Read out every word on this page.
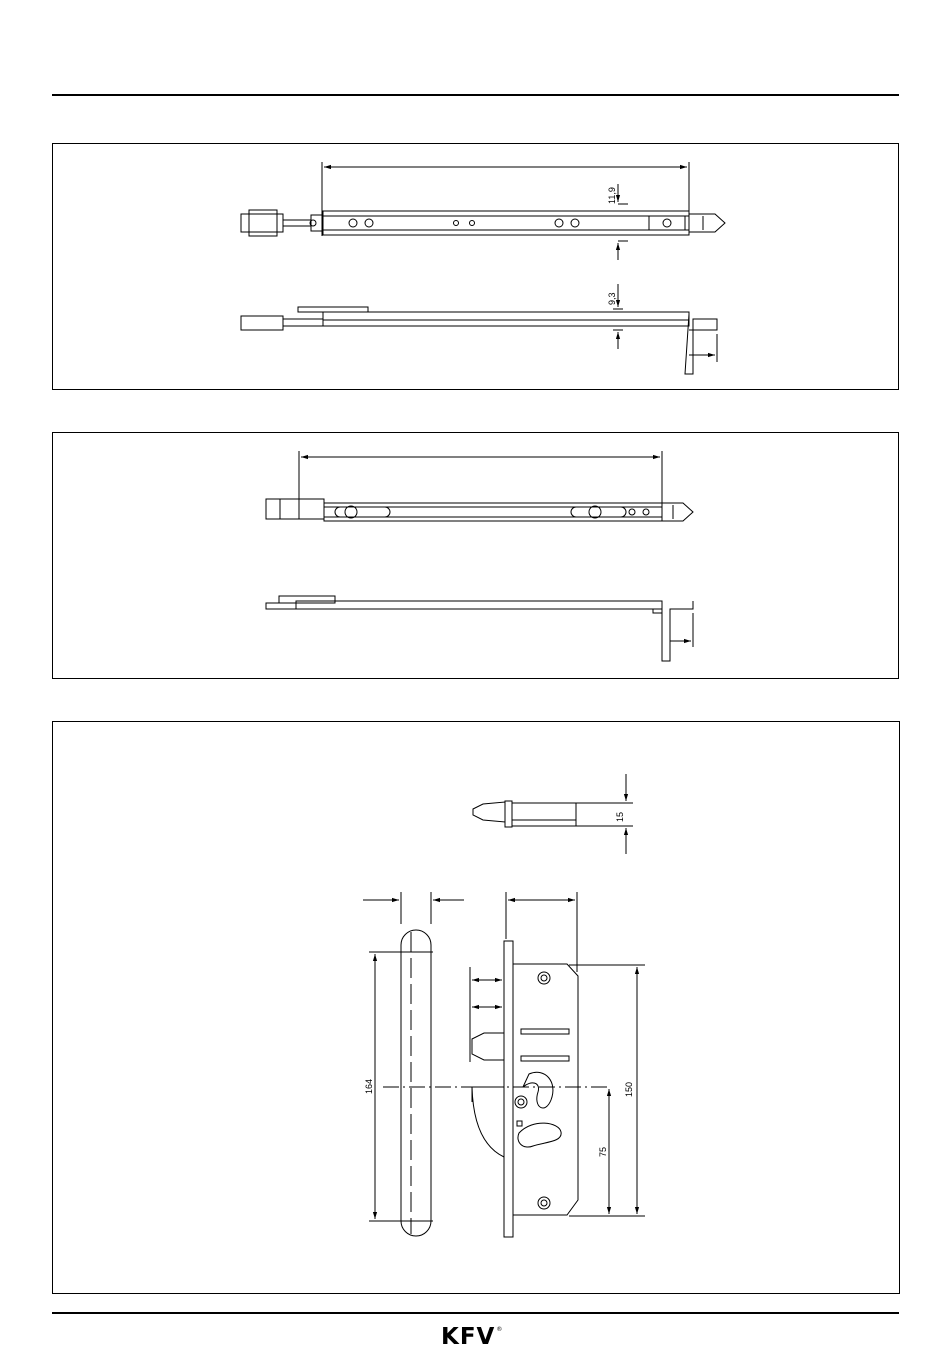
11,9
9,3
15
150
75
164
KFV®
